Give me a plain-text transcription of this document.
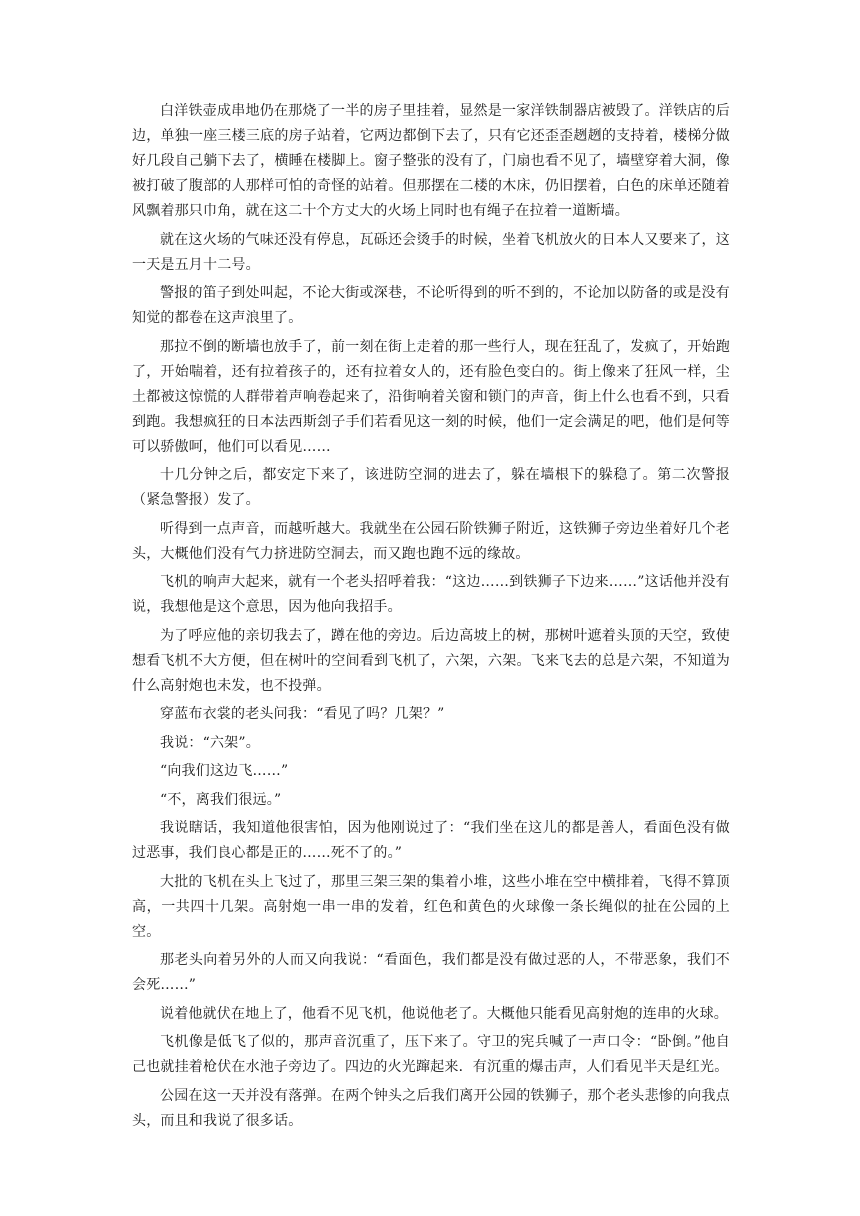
白洋铁壶成串地仍在那烧了一半的房子里挂着，显然是一家洋铁制器店被毁了。洋铁店的后边，单独一座三楼三底的房子站着，它两边都倒下去了，只有它还歪歪趔趔的支持着，楼梯分做好几段自己躺下去了，横睡在楼脚上。窗子整张的没有了，门扇也看不见了，墙壁穿着大洞，像被打破了腹部的人那样可怕的奇怪的站着。但那摆在二楼的木床，仍旧摆着，白色的床单还随着风飘着那只巾角，就在这二十个方丈大的火场上同时也有绳子在拉着一道断墙。

就在这火场的气味还没有停息，瓦砾还会烫手的时候，坐着飞机放火的日本人又要来了，这一天是五月十二号。

警报的笛子到处叫起，不论大街或深巷，不论听得到的听不到的，不论加以防备的或是没有知觉的都卷在这声浪里了。

那拉不倒的断墙也放手了，前一刻在街上走着的那一些行人，现在狂乱了，发疯了，开始跑了，开始喘着，还有拉着孩子的，还有拉着女人的，还有脸色变白的。街上像来了狂风一样，尘土都被这惊慌的人群带着声响卷起来了，沿街响着关窗和锁门的声音，街上什么也看不到，只看到跑。我想疯狂的日本法西斯刽子手们若看见这一刻的时候，他们一定会满足的吧，他们是何等可以骄傲呵，他们可以看见……

十几分钟之后，都安定下来了，该进防空洞的进去了，躲在墙根下的躲稳了。第二次警报（紧急警报）发了。

听得到一点声音，而越听越大。我就坐在公园石阶铁狮子附近，这铁狮子旁边坐着好几个老头，大概他们没有气力挤进防空洞去，而又跑也跑不远的缘故。

飞机的响声大起来，就有一个老头招呼着我：“这边……到铁狮子下边来……”这话他并没有说，我想他是这个意思，因为他向我招手。

为了呼应他的亲切我去了，蹲在他的旁边。后边高坡上的树，那树叶遮着头顶的天空，致使想看飞机不大方便，但在树叶的空间看到飞机了，六架，六架。飞来飞去的总是六架，不知道为什么高射炮也未发，也不投弹。

穿蓝布衣裳的老头问我：“看见了吗？几架？”

我说：“六架”。

“向我们这边飞……”

“不，离我们很远。”

我说瞎话，我知道他很害怕，因为他刚说过了：“我们坐在这儿的都是善人，看面色没有做过恶事，我们良心都是正的……死不了的。”

大批的飞机在头上飞过了，那里三架三架的集着小堆，这些小堆在空中横排着，飞得不算顶高，一共四十几架。高射炮一串一串的发着，红色和黄色的火球像一条长绳似的扯在公园的上空。

那老头向着另外的人而又向我说：“看面色，我们都是没有做过恶的人，不带恶象，我们不会死……”

说着他就伏在地上了，他看不见飞机，他说他老了。大概他只能看见高射炮的连串的火球。

飞机像是低飞了似的，那声音沉重了，压下来了。守卫的宪兵喊了一声口令：“卧倒。”他自己也就挂着枪伏在水池子旁边了。四边的火光蹿起来．有沉重的爆击声，人们看见半天是红光。

公园在这一天并没有落弹。在两个钟头之后我们离开公园的铁狮子，那个老头悲惨的向我点头，而且和我说了很多话。
